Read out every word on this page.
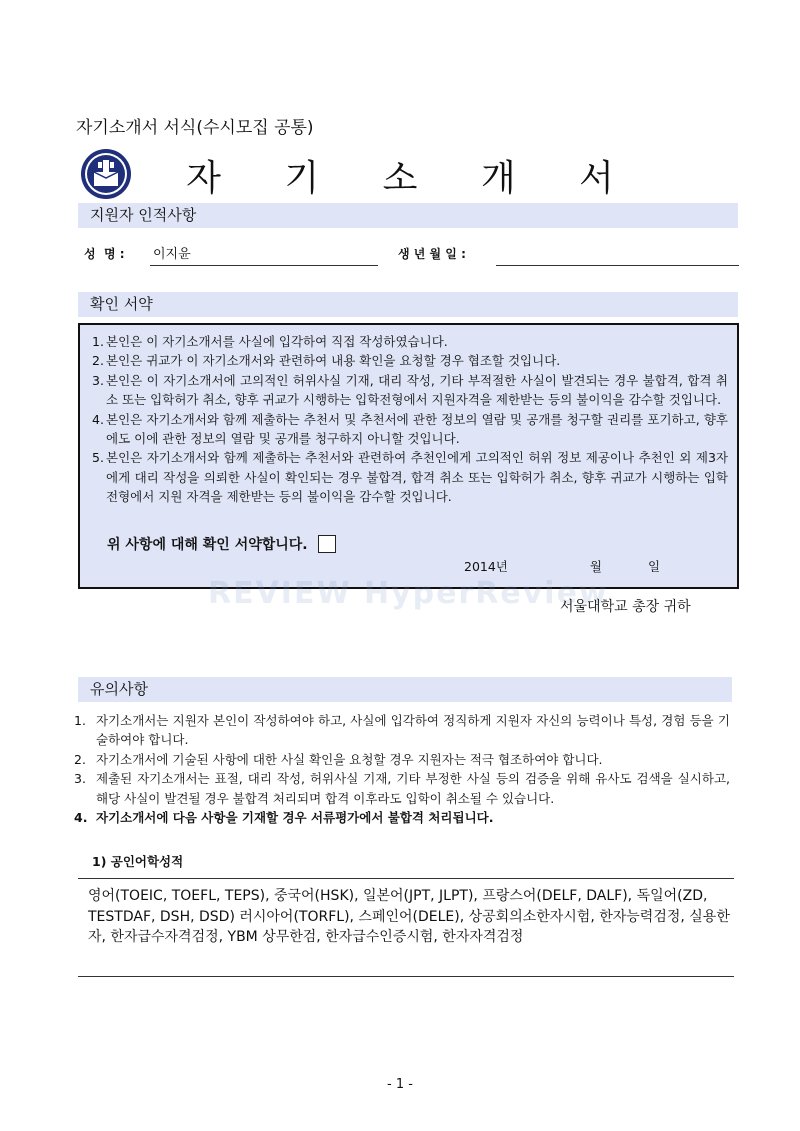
자기소개서 서식(수시모집 공통)
자 기 소 개 서
지원자 인적사항
성  명 : 이지윤	생 년 월 일 :
확인 서약
1. 본인은 이 자기소개서를 사실에 입각하여 직접 작성하였습니다.
2. 본인은 귀교가 이 자기소개서와 관련하여 내용 확인을 요청할 경우 협조할 것입니다.
3. 본인은 이 자기소개서에 고의적인 허위사실 기재, 대리 작성, 기타 부적절한 사실이 발견되는 경우 불합격, 합격 취소 또는 입학허가 취소, 향후 귀교가 시행하는 입학전형에서 지원자격을 제한받는 등의 불이익을 감수할 것입니다.
4. 본인은 자기소개서와 함께 제출하는 추천서 및 추천서에 관한 정보의 열람 및 공개를 청구할 권리를 포기하고, 향후에도 이에 관한 정보의 열람 및 공개를 청구하지 아니할 것입니다.
5. 본인은 자기소개서와 함께 제출하는 추천서와 관련하여 추천인에게 고의적인 허위 정보 제공이나 추천인 외 제3자에게 대리 작성을 의뢰한 사실이 확인되는 경우 불합격, 합격 취소 또는 입학허가 취소, 향후 귀교가 시행하는 입학전형에서 지원 자격을 제한받는 등의 불이익을 감수할 것입니다.
위 사항에 대해 확인 서약합니다.
2014년	월	일
REVIEW HyperReview
서울대학교 총장 귀하
유의사항
1. 자기소개서는 지원자 본인이 작성하여야 하고, 사실에 입각하여 정직하게 지원자 자신의 능력이나 특성, 경험 등을 기술하여야 합니다.
2. 자기소개서에 기술된 사항에 대한 사실 확인을 요청할 경우 지원자는 적극 협조하여야 합니다.
3. 제출된 자기소개서는 표절, 대리 작성, 허위사실 기재, 기타 부정한 사실 등의 검증을 위해 유사도 검색을 실시하고, 해당 사실이 발견될 경우 불합격 처리되며 합격 이후라도 입학이 취소될 수 있습니다.
4. 자기소개서에 다음 사항을 기재할 경우 서류평가에서 불합격 처리됩니다.
1) 공인어학성적
영어(TOEIC, TOEFL, TEPS), 중국어(HSK), 일본어(JPT, JLPT), 프랑스어(DELF, DALF), 독일어(ZD, TESTDAF, DSH, DSD) 러시아어(TORFL), 스페인어(DELE), 상공회의소한자시험, 한자능력검정, 실용한자, 한자급수자격검정, YBM 상무한검, 한자급수인증시험, 한자자격검정
- 1 -
